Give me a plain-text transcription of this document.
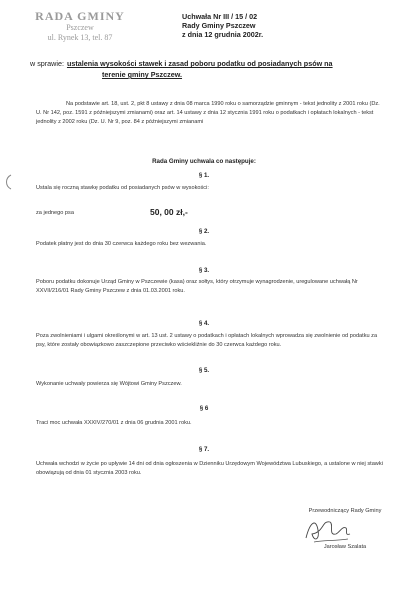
RADA GMINY
Pszczew
ul. Rynek 13, tel. 87
Uchwała Nr III / 15 / 02
Rady Gminy Pszczew
z dnia 12 grudnia 2002r.
w sprawie: ustalenia wysokości stawek i zasad poboru podatku od posiadanych psów na
terenie gminy Pszczew.
Na podstawie art. 18, ust. 2, pkt 8 ustawy z dnia 08 marca 1990 roku o samorządzie gminnym - tekst jednolity z 2001 roku (Dz. U. Nr 142, poz. 1591 z późniejszymi zmianami) oraz art. 14 ustawy z dnia 12 stycznia 1991 roku o podatkach i opłatach lokalnych - tekst jednolity z 2002 roku (Dz. U. Nr 9, poz. 84 z późniejszymi zmianami
Rada Gminy uchwala co następuje:
§ 1.
Ustala się roczną stawkę podatku od posiadanych psów w wysokości:
za jednego psa	50, 00 zł,-
§ 2.
Podatek płatny jest do dnia 30 czerwca każdego roku bez wezwania.
§ 3.
Poboru podatku dokonuje Urząd Gminy w Pszczewie (kasa) oraz sołtys, który otrzymuje wynagrodzenie, uregulowane uchwałą Nr XXVII/216/01 Rady Gminy Pszczew z dnia 01.03.2001 roku.
§ 4.
Poza zwolnieniami i ulgami określonymi w art. 13 ust. 2 ustawy o podatkach i opłatach lokalnych wprowadza się zwolnienie od podatku za psy, które zostały obowiązkowo zaszczepione przeciwko wściekliźnie do 30 czerwca każdego roku.
§ 5.
Wykonanie uchwały powierza się Wójtowi Gminy Pszczew.
§ 6
Traci moc uchwała XXXIV/270/01 z dnia 06 grudnia 2001 roku.
§ 7.
Uchwała wchodzi w życie po upływie 14 dni od dnia ogłoszenia w Dzienniku Urzędowym Województwa Lubuskiego, a ustalone w niej stawki obowiązują od dnia 01 stycznia 2003 roku.
Przewodniczący Rady Gminy
Jarosław Szalata
